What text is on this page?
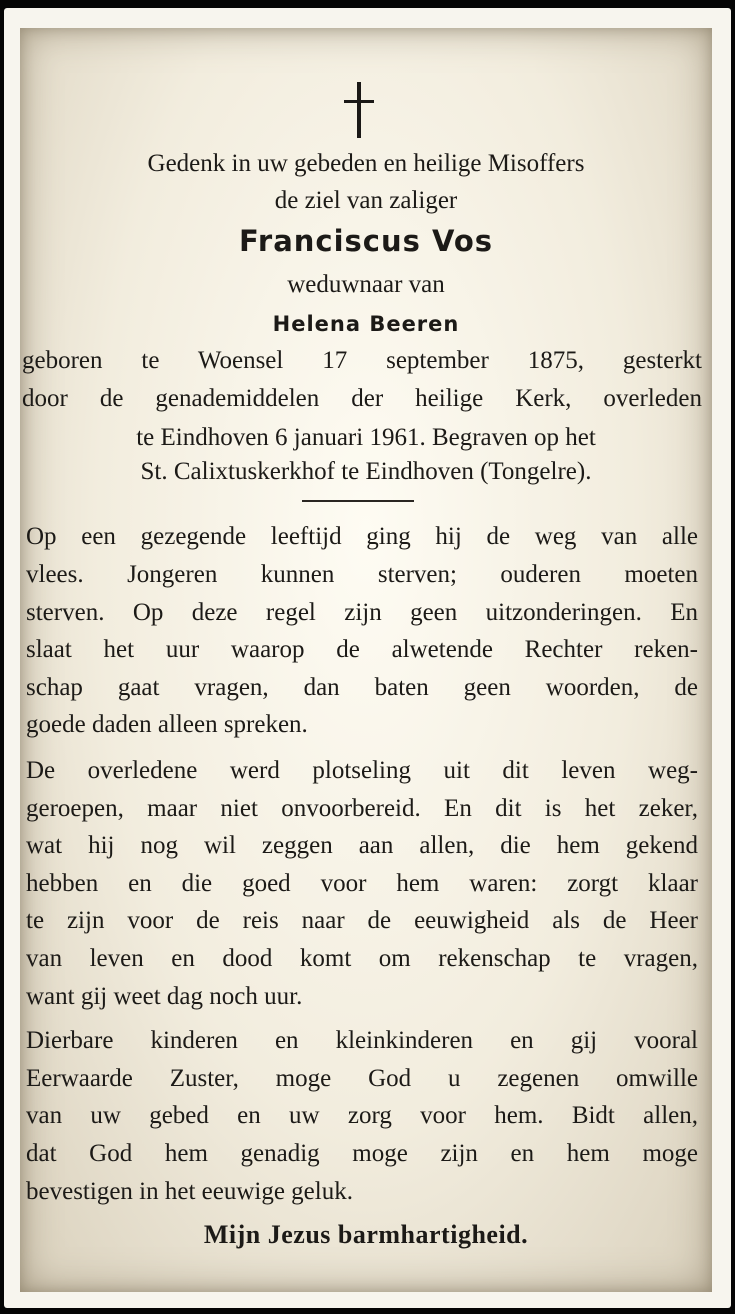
Gedenk in uw gebeden en heilige Misoffers
de ziel van zaliger
Franciscus Vos
weduwnaar van
Helena Beeren
geboren te Woensel 17 september 1875, gesterkt
door de genademiddelen der heilige Kerk, overleden
te Eindhoven 6 januari 1961. Begraven op het
St. Calixtuskerkhof te Eindhoven (Tongelre).
Op een gezegende leeftijd ging hij de weg van alle
vlees. Jongeren kunnen sterven; ouderen moeten
sterven. Op deze regel zijn geen uitzonderingen. En
slaat het uur waarop de alwetende Rechter reken-
schap gaat vragen, dan baten geen woorden, de
goede daden alleen spreken.
De overledene werd plotseling uit dit leven weg-
geroepen, maar niet onvoorbereid. En dit is het zeker,
wat hij nog wil zeggen aan allen, die hem gekend
hebben en die goed voor hem waren: zorgt klaar
te zijn voor de reis naar de eeuwigheid als de Heer
van leven en dood komt om rekenschap te vragen,
want gij weet dag noch uur.
Dierbare kinderen en kleinkinderen en gij vooral
Eerwaarde Zuster, moge God u zegenen omwille
van uw gebed en uw zorg voor hem. Bidt allen,
dat God hem genadig moge zijn en hem moge
bevestigen in het eeuwige geluk.
Mijn Jezus barmhartigheid.
